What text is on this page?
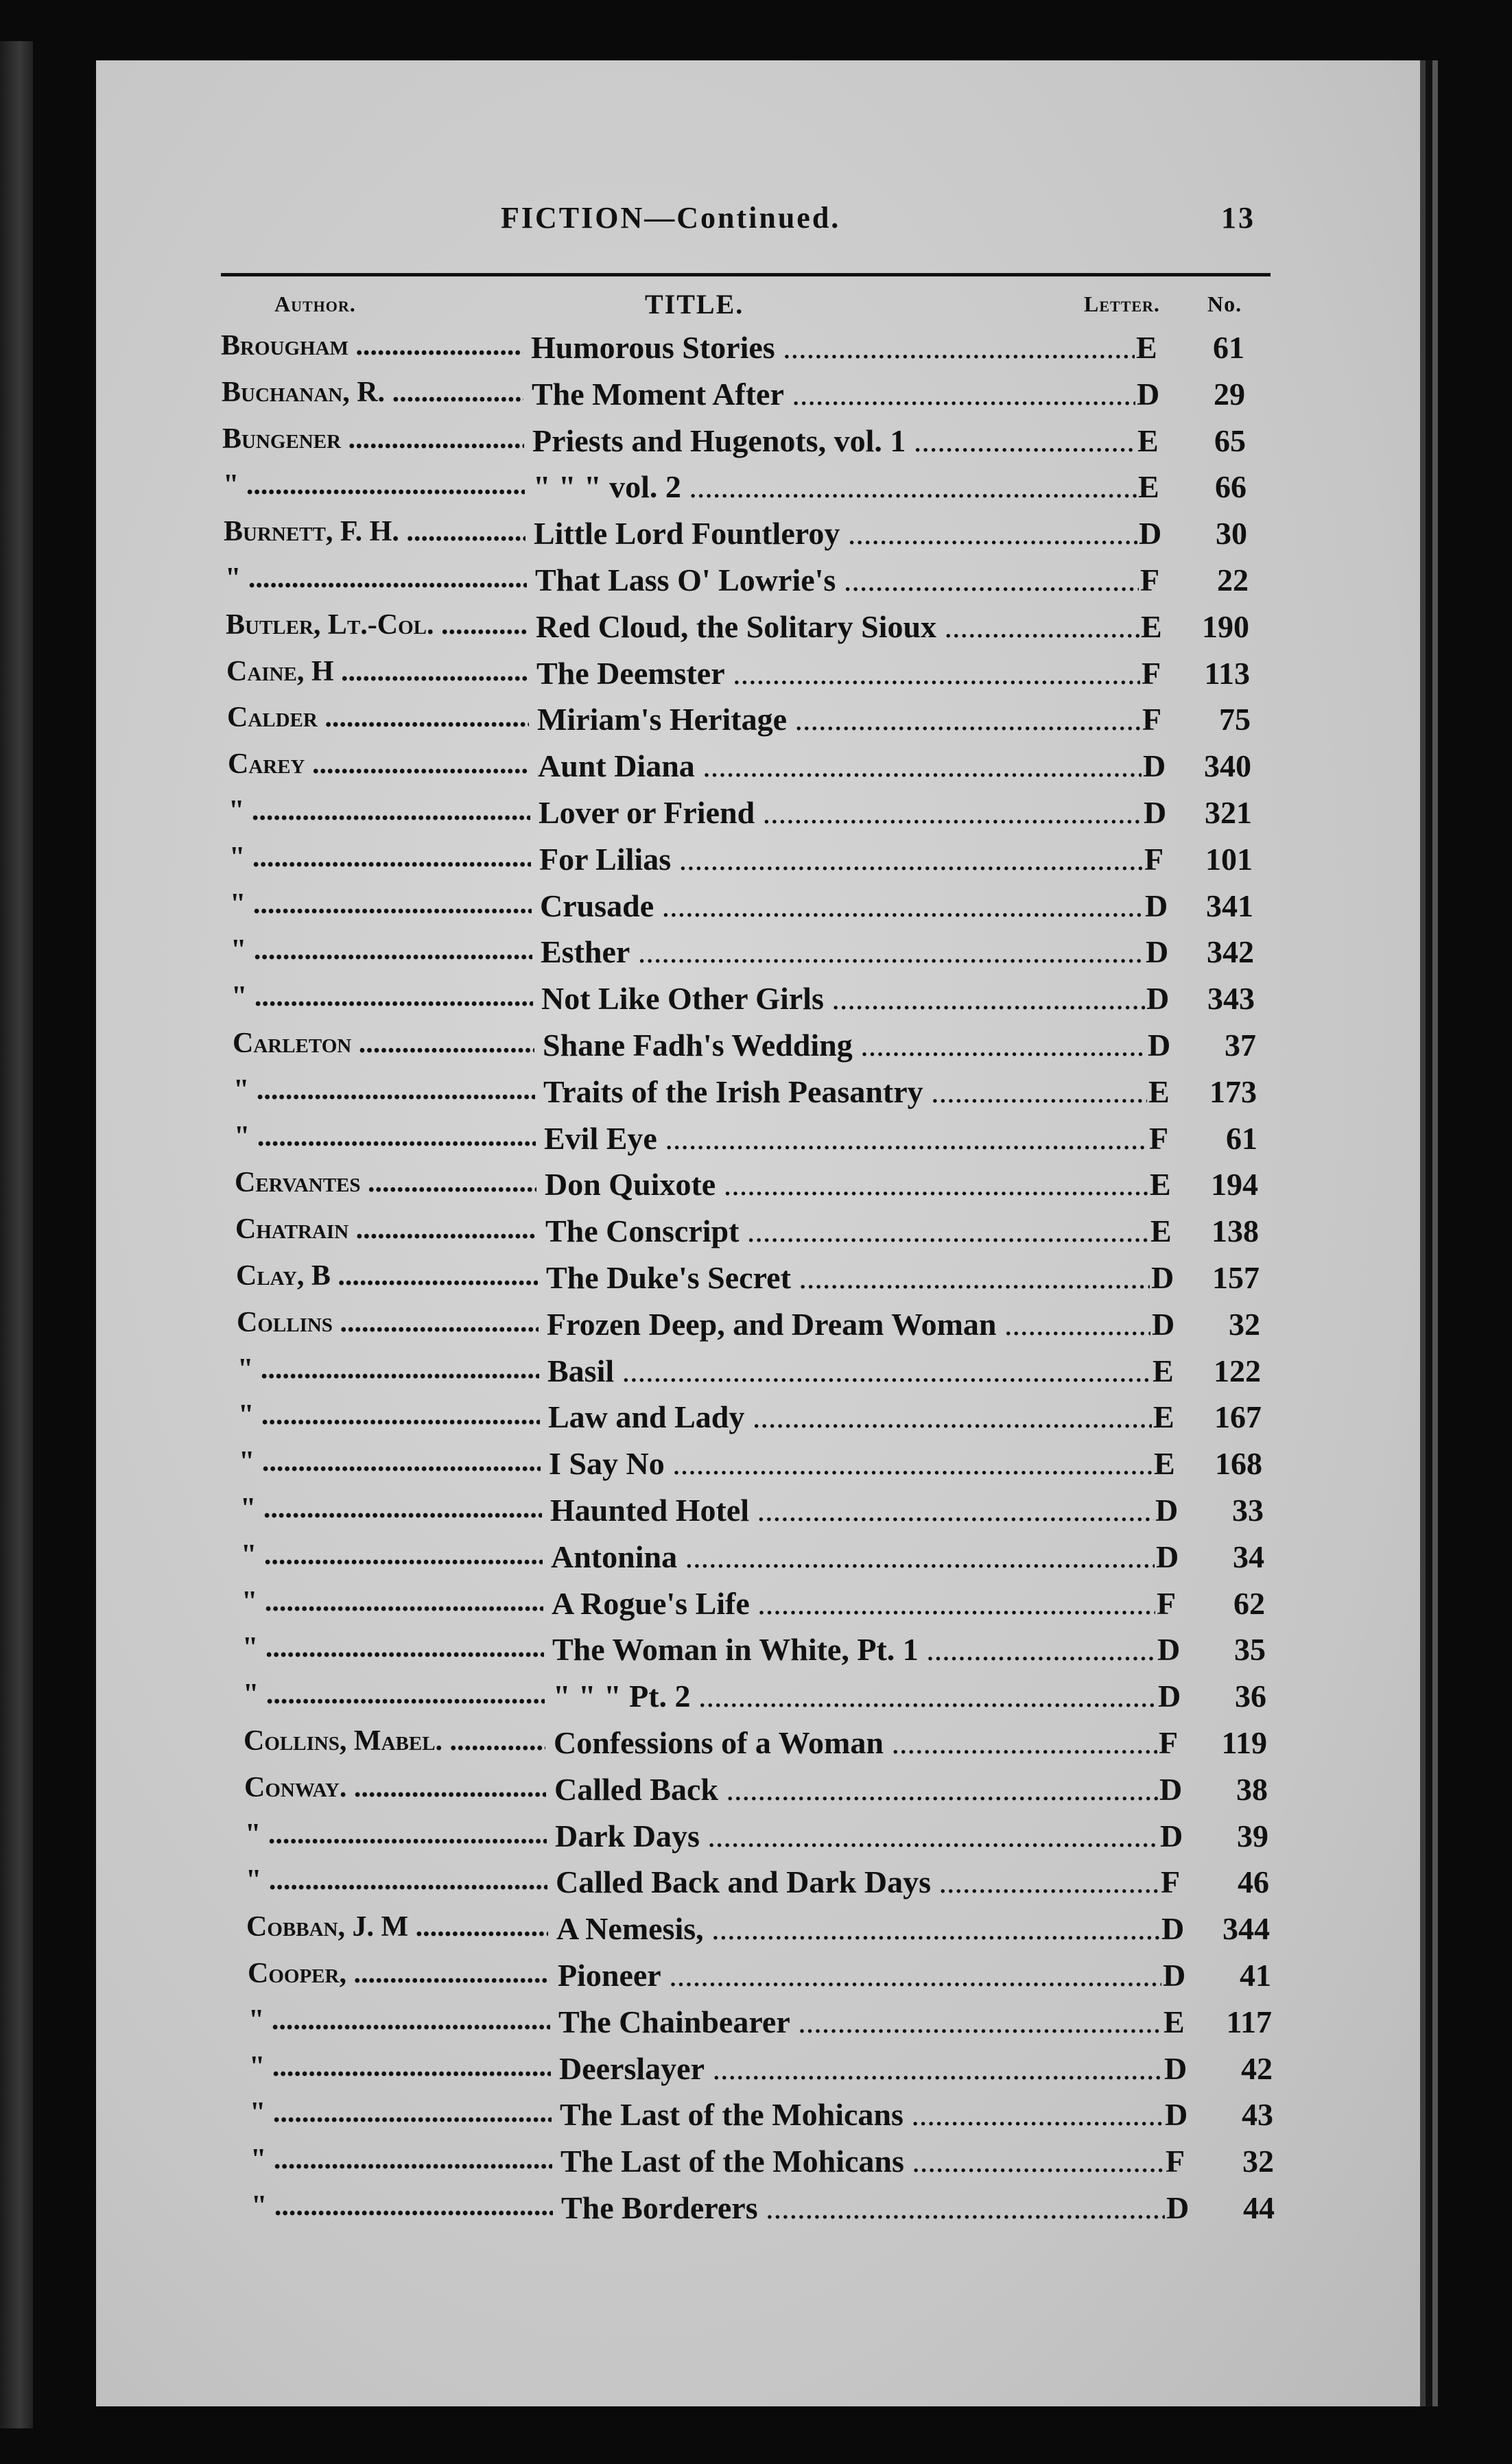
FICTION—Continued.	13
Author.	TITLE.	Letter. No.
Brougham .....	Humorous Stories .....	E	61
Buchanan, R. .....	The Moment After .....	D	29
Bungener .....	Priests and Hugenots, vol. 1 .....	E	65
" .....	" " " vol. 2 .....	E	66
Burnett, F. H. .....	Little Lord Fountleroy .....	D	30
" .....	That Lass O' Lowrie's .....	F	22
Butler, Lt.-Col. .....	Red Cloud, the Solitary Sioux .....	E	190
Caine, H .....	The Deemster .....	F	113
Calder .....	Miriam's Heritage .....	F	75
Carey .....	Aunt Diana .....	D	340
" .....	Lover or Friend .....	D	321
" .....	For Lilias .....	F	101
" .....	Crusade .....	D	341
" .....	Esther .....	D	342
" .....	Not Like Other Girls .....	D	343
Carleton .....	Shane Fadh's Wedding .....	D	37
" .....	Traits of the Irish Peasantry .....	E	173
" .....	Evil Eye .....	F	61
Cervantes .....	Don Quixote .....	E	194
Chatrain .....	The Conscript .....	E	138
Clay, B .....	The Duke's Secret .....	D	157
Collins .....	Frozen Deep, and Dream Woman .....	D	32
" .....	Basil .....	E	122
" .....	Law and Lady .....	E	167
" .....	I Say No .....	E	168
" .....	Haunted Hotel .....	D	33
" .....	Antonina .....	D	34
" .....	A Rogue's Life .....	F	62
" .....	The Woman in White, Pt. 1 .....	D	35
" .....	" " " Pt. 2 .....	D	36
Collins, Mabel. .....	Confessions of a Woman .....	F	119
Conway. .....	Called Back .....	D	38
" .....	Dark Days .....	D	39
" .....	Called Back and Dark Days .....	F	46
Cobban, J. M .....	A Nemesis, .....	D	344
Cooper, .....	Pioneer .....	D	41
" .....	The Chainbearer .....	E	117
" .....	Deerslayer .....	D	42
" .....	The Last of the Mohicans .....	D	43
" .....	The Last of the Mohicans .....	F	32
" .....	The Borderers .....	D	44
